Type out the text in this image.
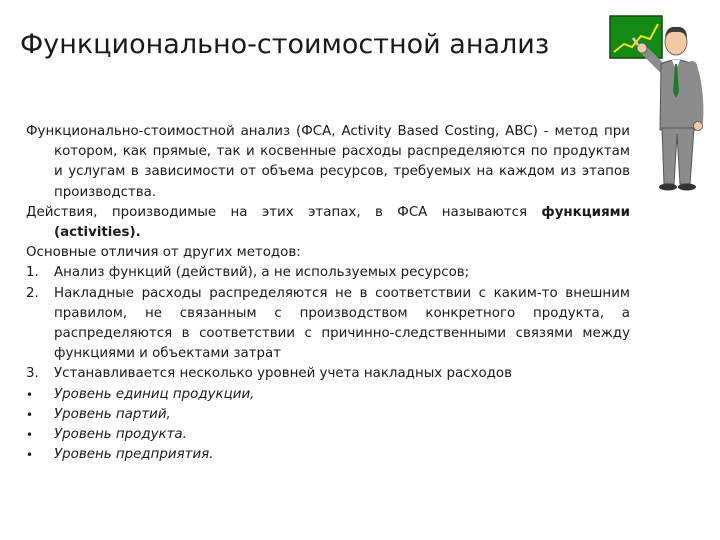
Функционально-стоимостной анализ

Функционально-стоимостной анализ (ФСА, Activity Based Costing, ABC) - метод при котором, как прямые, так и косвенные расходы распределяются по продуктам и услугам в зависимости от объема ресурсов, требуемых на каждом из этапов производства.

Действия, производимые на этих этапах, в ФСА называются функциями (activities).

Основные отличия от других методов:

1.	Анализ функций (действий), а не используемых ресурсов;
2.	Накладные расходы распределяются не в соответствии с каким-то внешним правилом, не связанным с производством конкретного продукта, а распределяются в соответствии с причинно-следственными связями между функциями и объектами затрат
3.	Устанавливается несколько уровней учета накладных расходов
•	Уровень единиц продукции,
•	Уровень партий,
•	Уровень продукта.
•	Уровень предприятия.
